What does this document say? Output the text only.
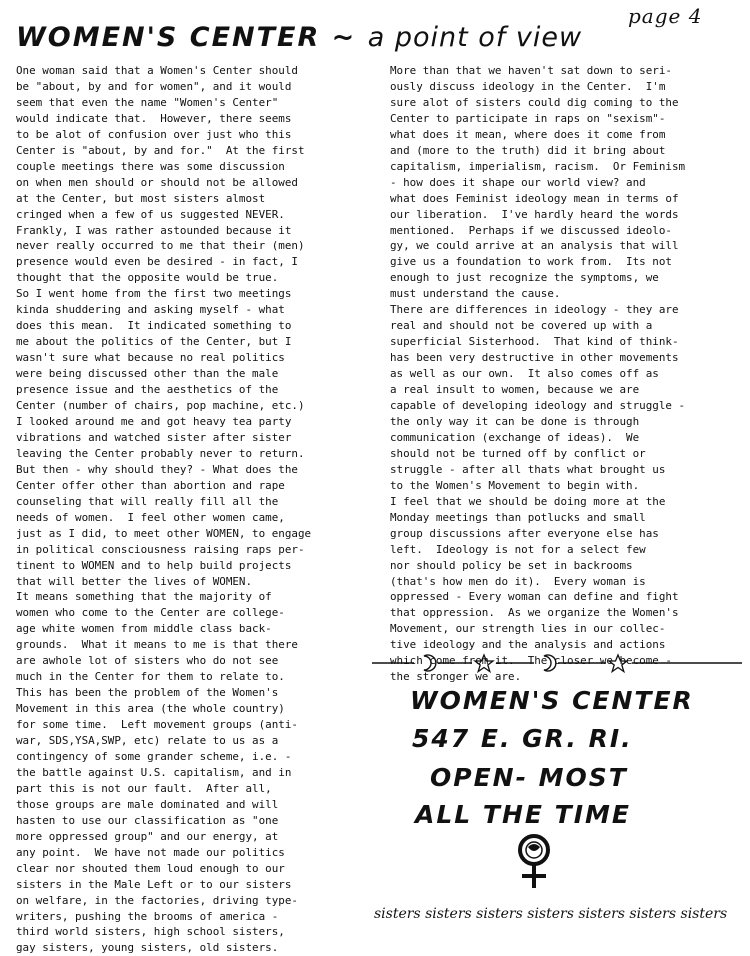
page 4
WOMEN'S CENTER ~ a point of view
One woman said that a Women's Center should
be "about, by and for women", and it would
seem that even the name "Women's Center"
would indicate that.  However, there seems
to be alot of confusion over just who this
Center is "about, by and for."  At the first
couple meetings there was some discussion
on when men should or should not be allowed
at the Center, but most sisters almost
cringed when a few of us suggested NEVER.
Frankly, I was rather astounded because it
never really occurred to me that their (men)
presence would even be desired - in fact, I
thought that the opposite would be true.
So I went home from the first two meetings
kinda shuddering and asking myself - what
does this mean.  It indicated something to
me about the politics of the Center, but I
wasn't sure what because no real politics
were being discussed other than the male
presence issue and the aesthetics of the
Center (number of chairs, pop machine, etc.)
I looked around me and got heavy tea party
vibrations and watched sister after sister
leaving the Center probably never to return.
But then - why should they? - What does the
Center offer other than abortion and rape
counseling that will really fill all the
needs of women.  I feel other women came,
just as I did, to meet other WOMEN, to engage
in political consciousness raising raps per-
tinent to WOMEN and to help build projects
that will better the lives of WOMEN.
It means something that the majority of
women who come to the Center are college-
age white women from middle class back-
grounds.  What it means to me is that there
are awhole lot of sisters who do not see
much in the Center for them to relate to.
This has been the problem of the Women's
Movement in this area (the whole country)
for some time.  Left movement groups (anti-
war, SDS,YSA,SWP, etc) relate to us as a
contingency of some grander scheme, i.e. -
the battle against U.S. capitalism, and in
part this is not our fault.  After all,
those groups are male dominated and will
hasten to use our classification as "one
more oppressed group" and our energy, at
any point.  We have not made our politics
clear nor shouted them loud enough to our
sisters in the Male Left or to our sisters
on welfare, in the factories, driving type-
writers, pushing the brooms of america -
third world sisters, high school sisters,
gay sisters, young sisters, old sisters.
More than that we haven't sat down to seri-
ously discuss ideology in the Center.  I'm
sure alot of sisters could dig coming to the
Center to participate in raps on "sexism"-
what does it mean, where does it come from
and (more to the truth) did it bring about
capitalism, imperialism, racism.  Or Feminism
- how does it shape our world view? and
what does Feminist ideology mean in terms of
our liberation.  I've hardly heard the words
mentioned.  Perhaps if we discussed ideolo-
gy, we could arrive at an analysis that will
give us a foundation to work from.  Its not
enough to just recognize the symptoms, we
must understand the cause.
There are differences in ideology - they are
real and should not be covered up with a
superficial Sisterhood.  That kind of think-
has been very destructive in other movements
as well as our own.  It also comes off as
a real insult to women, because we are
capable of developing ideology and struggle -
the only way it can be done is through
communication (exchange of ideas).  We
should not be turned off by conflict or
struggle - after all thats what brought us
to the Women's Movement to begin with.
I feel that we should be doing more at the
Monday meetings than potlucks and small
group discussions after everyone else has
left.  Ideology is not for a select few
nor should policy be set in backrooms
(that's how men do it).  Every woman is
oppressed - Every woman can define and fight
that oppression.  As we organize the Women's
Movement, our strength lies in our collec-
tive ideology and the analysis and actions
which come from it.  The closer we become -
the stronger we are.
WOMEN'S CENTER
547 E. GR. RI.
OPEN- MOST
ALL THE TIME
sisters sisters sisters sisters sisters sisters sisters
